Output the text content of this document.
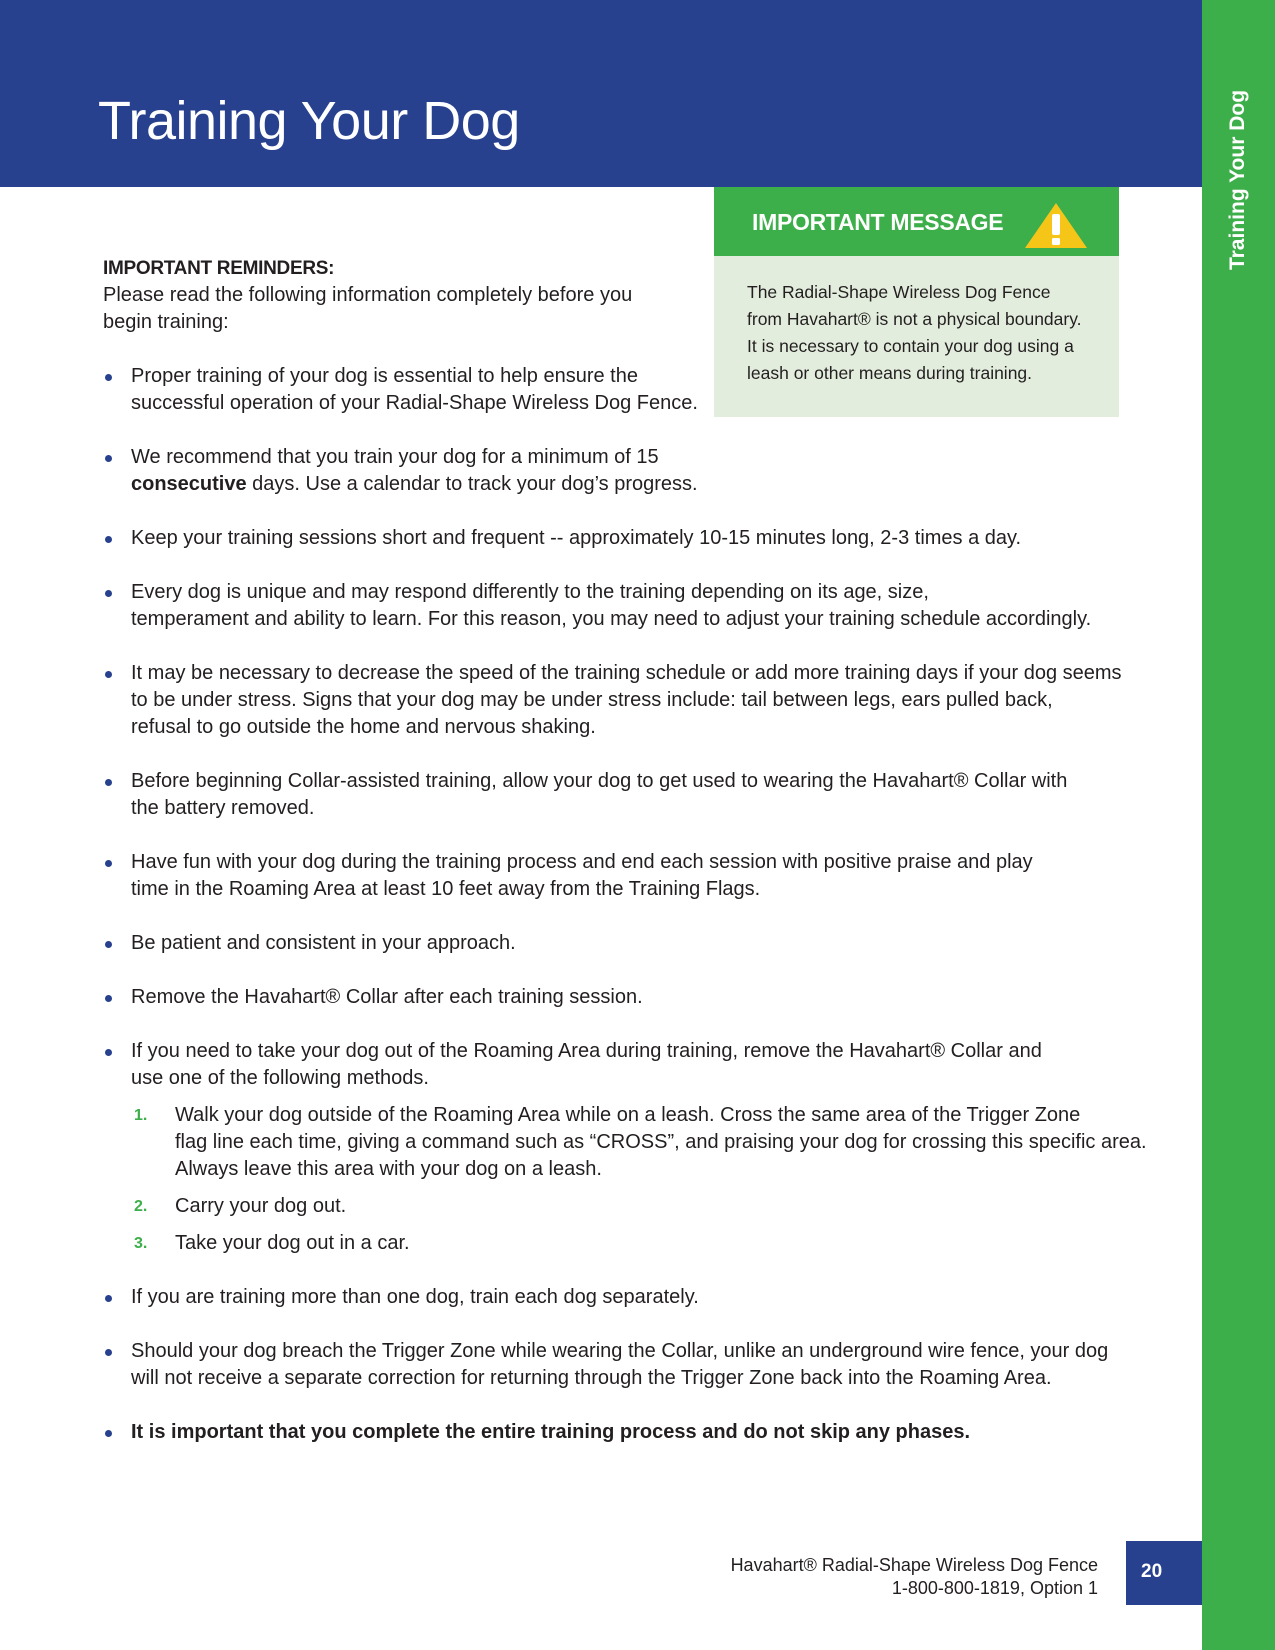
Training Your Dog	Training Your Dog
IMPORTANT MESSAGE
The Radial-Shape Wireless Dog Fence
from Havahart® is not a physical boundary.
It is necessary to contain your dog using a
leash or other means during training.
IMPORTANT REMINDERS:

Please read the following information completely before you
begin training:

Proper training of your dog is essential to help ensure the
successful operation of your Radial-Shape Wireless Dog Fence.
We recommend that you train your dog for a minimum of 15
consecutive days. Use a calendar to track your dog’s progress.
Keep your training sessions short and frequent -- approximately 10-15 minutes long, 2-3 times a day.
Every dog is unique and may respond differently to the training depending on its age, size,
temperament and ability to learn. For this reason, you may need to adjust your training schedule accordingly.
It may be necessary to decrease the speed of the training schedule or add more training days if your dog seems
to be under stress. Signs that your dog may be under stress include: tail between legs, ears pulled back,
refusal to go outside the home and nervous shaking.
Before beginning Collar-assisted training, allow your dog to get used to wearing the Havahart® Collar with
the battery removed.
Have fun with your dog during the training process and end each session with positive praise and play
time in the Roaming Area at least 10 feet away from the Training Flags.
Be patient and consistent in your approach.
Remove the Havahart® Collar after each training session.
If you need to take your dog out of the Roaming Area during training, remove the Havahart® Collar and
use one of the following methods.
1. Walk your dog outside of the Roaming Area while on a leash. Cross the same area of the Trigger Zone
flag line each time, giving a command such as “CROSS”, and praising your dog for crossing this specific area.
Always leave this area with your dog on a leash.
2. Carry your dog out.
3. Take your dog out in a car.
If you are training more than one dog, train each dog separately.
Should your dog breach the Trigger Zone while wearing the Collar, unlike an underground wire fence, your dog
will not receive a separate correction for returning through the Trigger Zone back into the Roaming Area.
It is important that you complete the entire training process and do not skip any phases.
Havahart® Radial-Shape Wireless Dog Fence
1-800-800-1819, Option 1
20
